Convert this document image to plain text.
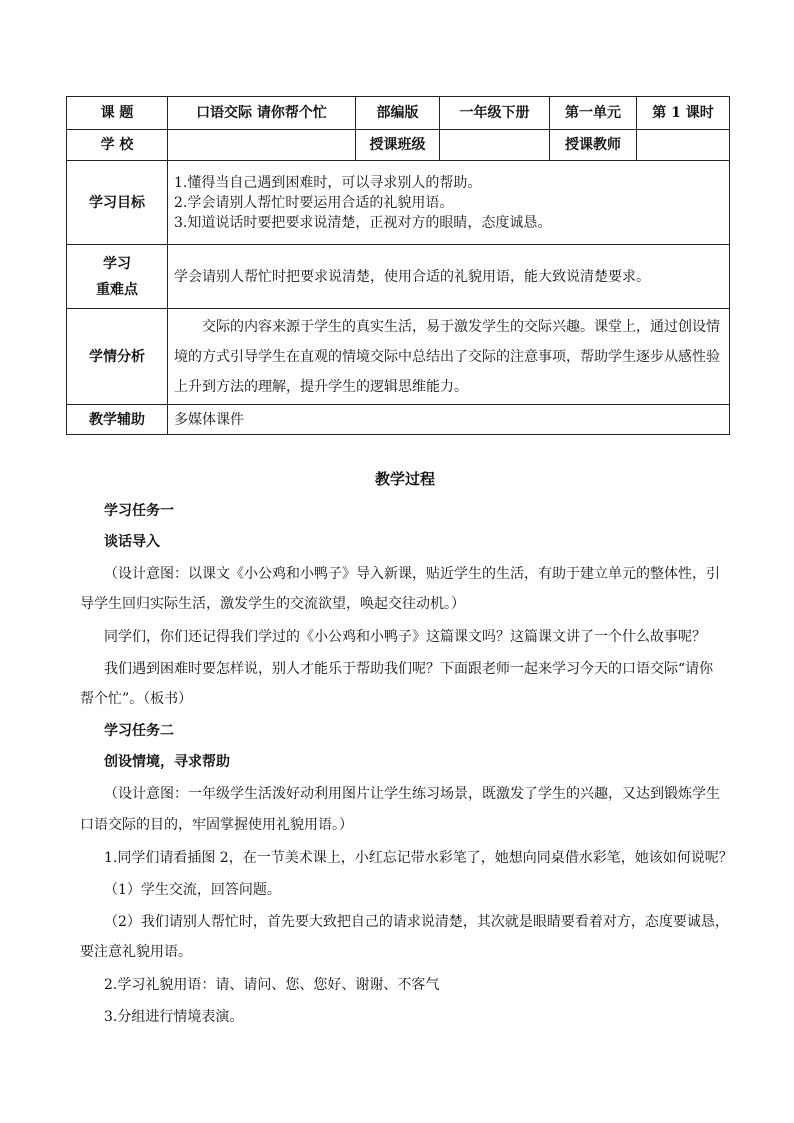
课 题	口语交际 请你帮个忙	部编版	一年级下册	第一单元	第 1 课时
学 校		授课班级		授课教师	
学习目标	1.懂得当自己遇到困难时，可以寻求别人的帮助。
2.学会请别人帮忙时要运用合适的礼貌用语。
3.知道说话时要把要求说清楚，正视对方的眼睛，态度诚恳。				

学习
重难点	学会请别人帮忙时把要求说清楚，使用合适的礼貌用语，能大致说清楚要求。				
学情分析	交际的内容来源于学生的真实生活，易于激发学生的交际兴趣。课堂上，通过创设情
境的方式引导学生在直观的情境交际中总结出了交际的注意事项，帮助学生逐步从感性验
上升到方法的理解，提升学生的逻辑思维能力。				

教学辅助	多媒体课件				
教学过程
学习任务一
谈话导入
（设计意图：以课文《小公鸡和小鸭子》导入新课，贴近学生的生活，有助于建立单元的整体性，引
导学生回归实际生活，激发学生的交流欲望，唤起交往动机。）
同学们，你们还记得我们学过的《小公鸡和小鸭子》这篇课文吗？这篇课文讲了一个什么故事呢？
我们遇到困难时要怎样说，别人才能乐于帮助我们呢？下面跟老师一起来学习今天的口语交际“请你
帮个忙”。（板书）
学习任务二
创设情境，寻求帮助
（设计意图：一年级学生活泼好动利用图片让学生练习场景，既激发了学生的兴趣，又达到锻炼学生
口语交际的目的，牢固掌握使用礼貌用语。）
1.同学们请看插图 2，在一节美术课上，小红忘记带水彩笔了，她想向同桌借水彩笔，她该如何说呢？
（1）学生交流，回答问题。
（2）我们请别人帮忙时，首先要大致把自己的请求说清楚，其次就是眼睛要看着对方，态度要诚恳，
要注意礼貌用语。
2.学习礼貌用语：请、请问、您、您好、谢谢、不客气
3.分组进行情境表演。
